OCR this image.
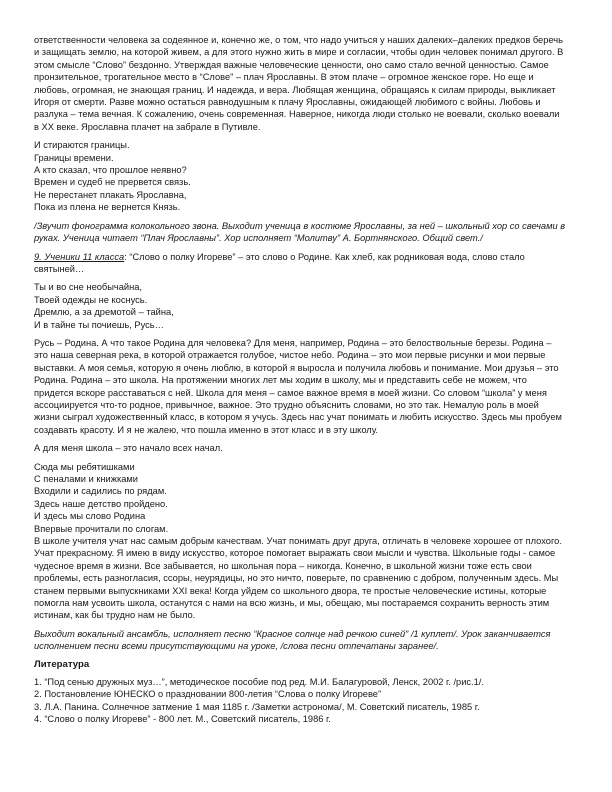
ответственности человека за содеянное и, конечно же, о том, что надо учиться у наших далеких–далеких предков беречь и защищать землю, на которой живем, а для этого нужно жить в мире и согласии, чтобы один человек понимал другого. В этом смысле “Слово” бездонно. Утверждая важные человеческие ценности, оно само стало вечной ценностью. Самое пронзительное, трогательное место в “Слове” – плач Ярославны. В этом плаче – огромное женское горе. Но еще и любовь, огромная, не знающая границ. И надежда, и вера. Любящая женщина, обращаясь к силам природы, выкликает Игоря от смерти. Разве можно остаться равнодушным к плачу Ярославны, ожидающей любимого с войны. Любовь и разлука – тема вечная. К сожалению, очень современная. Наверное, никогда люди столько не воевали, сколько воевали в XX веке. Ярославна плачет на забрале в Путивле.

И стираются границы.
Границы времени.
А кто сказал, что прошлое неявно?
Времен и судеб не прервется связь.
Не перестанет плакать Ярославна,
Пока из плена не вернется Князь.

/Звучит фонограмма колокольного звона. Выходит ученица в костюме Ярославны, за ней – школьный хор со свечами в руках. Ученица читает “Плач Ярославны”. Хор исполняет “Молитву” А. Бортнянского. Общий свет./

9. Ученики 11 класса: “Слово о полку Игореве” – это слово о Родине. Как хлеб, как родниковая вода, слово стало святыней…

Ты и во сне необычайна,
Твоей одежды не коснусь.
Дремлю, а за дремотой – тайна,
И в тайне ты почиешь, Русь…

Русь – Родина. А что такое Родина для человека? Для меня, например, Родина – это белоствольные березы. Родина – это наша северная река, в которой отражается голубое, чистое небо. Родина – это мои первые рисунки и мои первые выставки. А моя семья, которую я очень люблю, в которой я выросла и получила любовь и понимание. Мои друзья – это Родина. Родина – это школа. На протяжении многих лет мы ходим в школу, мы и представить себе не можем, что придется вскоре расставаться с ней. Школа для меня – самое важное время в моей жизни. Со словом “школа” у меня ассоциируется что-то родное, привычное, важное. Это трудно объяснить словами, но это так. Немалую роль в моей жизни сыграл художественный класс, в котором я учусь. Здесь нас учат понимать и любить искусство. Здесь мы пробуем создавать красоту. И я не жалею, что пошла именно в этот класс и в эту школу.

А для меня школа – это начало всех начал.

Сюда мы ребятишками
С пеналами и книжками
Входили и садились по рядам.
Здесь наше детство пройдено.
И здесь мы слово Родина
Впервые прочитали по слогам.

В школе учителя учат нас самым добрым качествам. Учат понимать друг друга, отличать в человеке хорошее от плохого. Учат прекрасному. Я имею в виду искусство, которое помогает выражать свои мысли и чувства. Школьные годы - самое чудесное время в жизни. Все забывается, но школьная пора – никогда. Конечно, в школьной жизни тоже есть свои проблемы, есть разногласия, ссоры, неурядицы, но это ничто, поверьте, по сравнению с добром, полученным здесь. Мы станем первыми выпускниками XXI века! Когда уйдем со школьного двора, те простые человеческие истины, которые помогла нам усвоить школа, останутся с нами на всю жизнь, и мы, обещаю, мы постараемся сохранить верность этим истинам, как бы трудно нам не было.

Выходит вокальный ансамбль, исполняет песню “Красное солнце над речкою синей” /1 куплет/. Урок заканчивается исполнением песни всеми присутствующими на уроке, /слова песни отпечатаны заранее/.

Литература
1. “Под сенью дружных муз…”, методическое пособие под ред. М.И. Балагуровой, Ленск, 2002 г. /рис.1/.
2. Постановление ЮНЕСКО о праздновании 800-летия “Слова о полку Игореве”
3. Л.А. Панина. Солнечное затмение 1 мая 1185 г. /Заметки астронома/, М. Советский писатель, 1985 г.
4. “Слово о полку Игореве” - 800 лет. М., Советский писатель, 1986 г.
